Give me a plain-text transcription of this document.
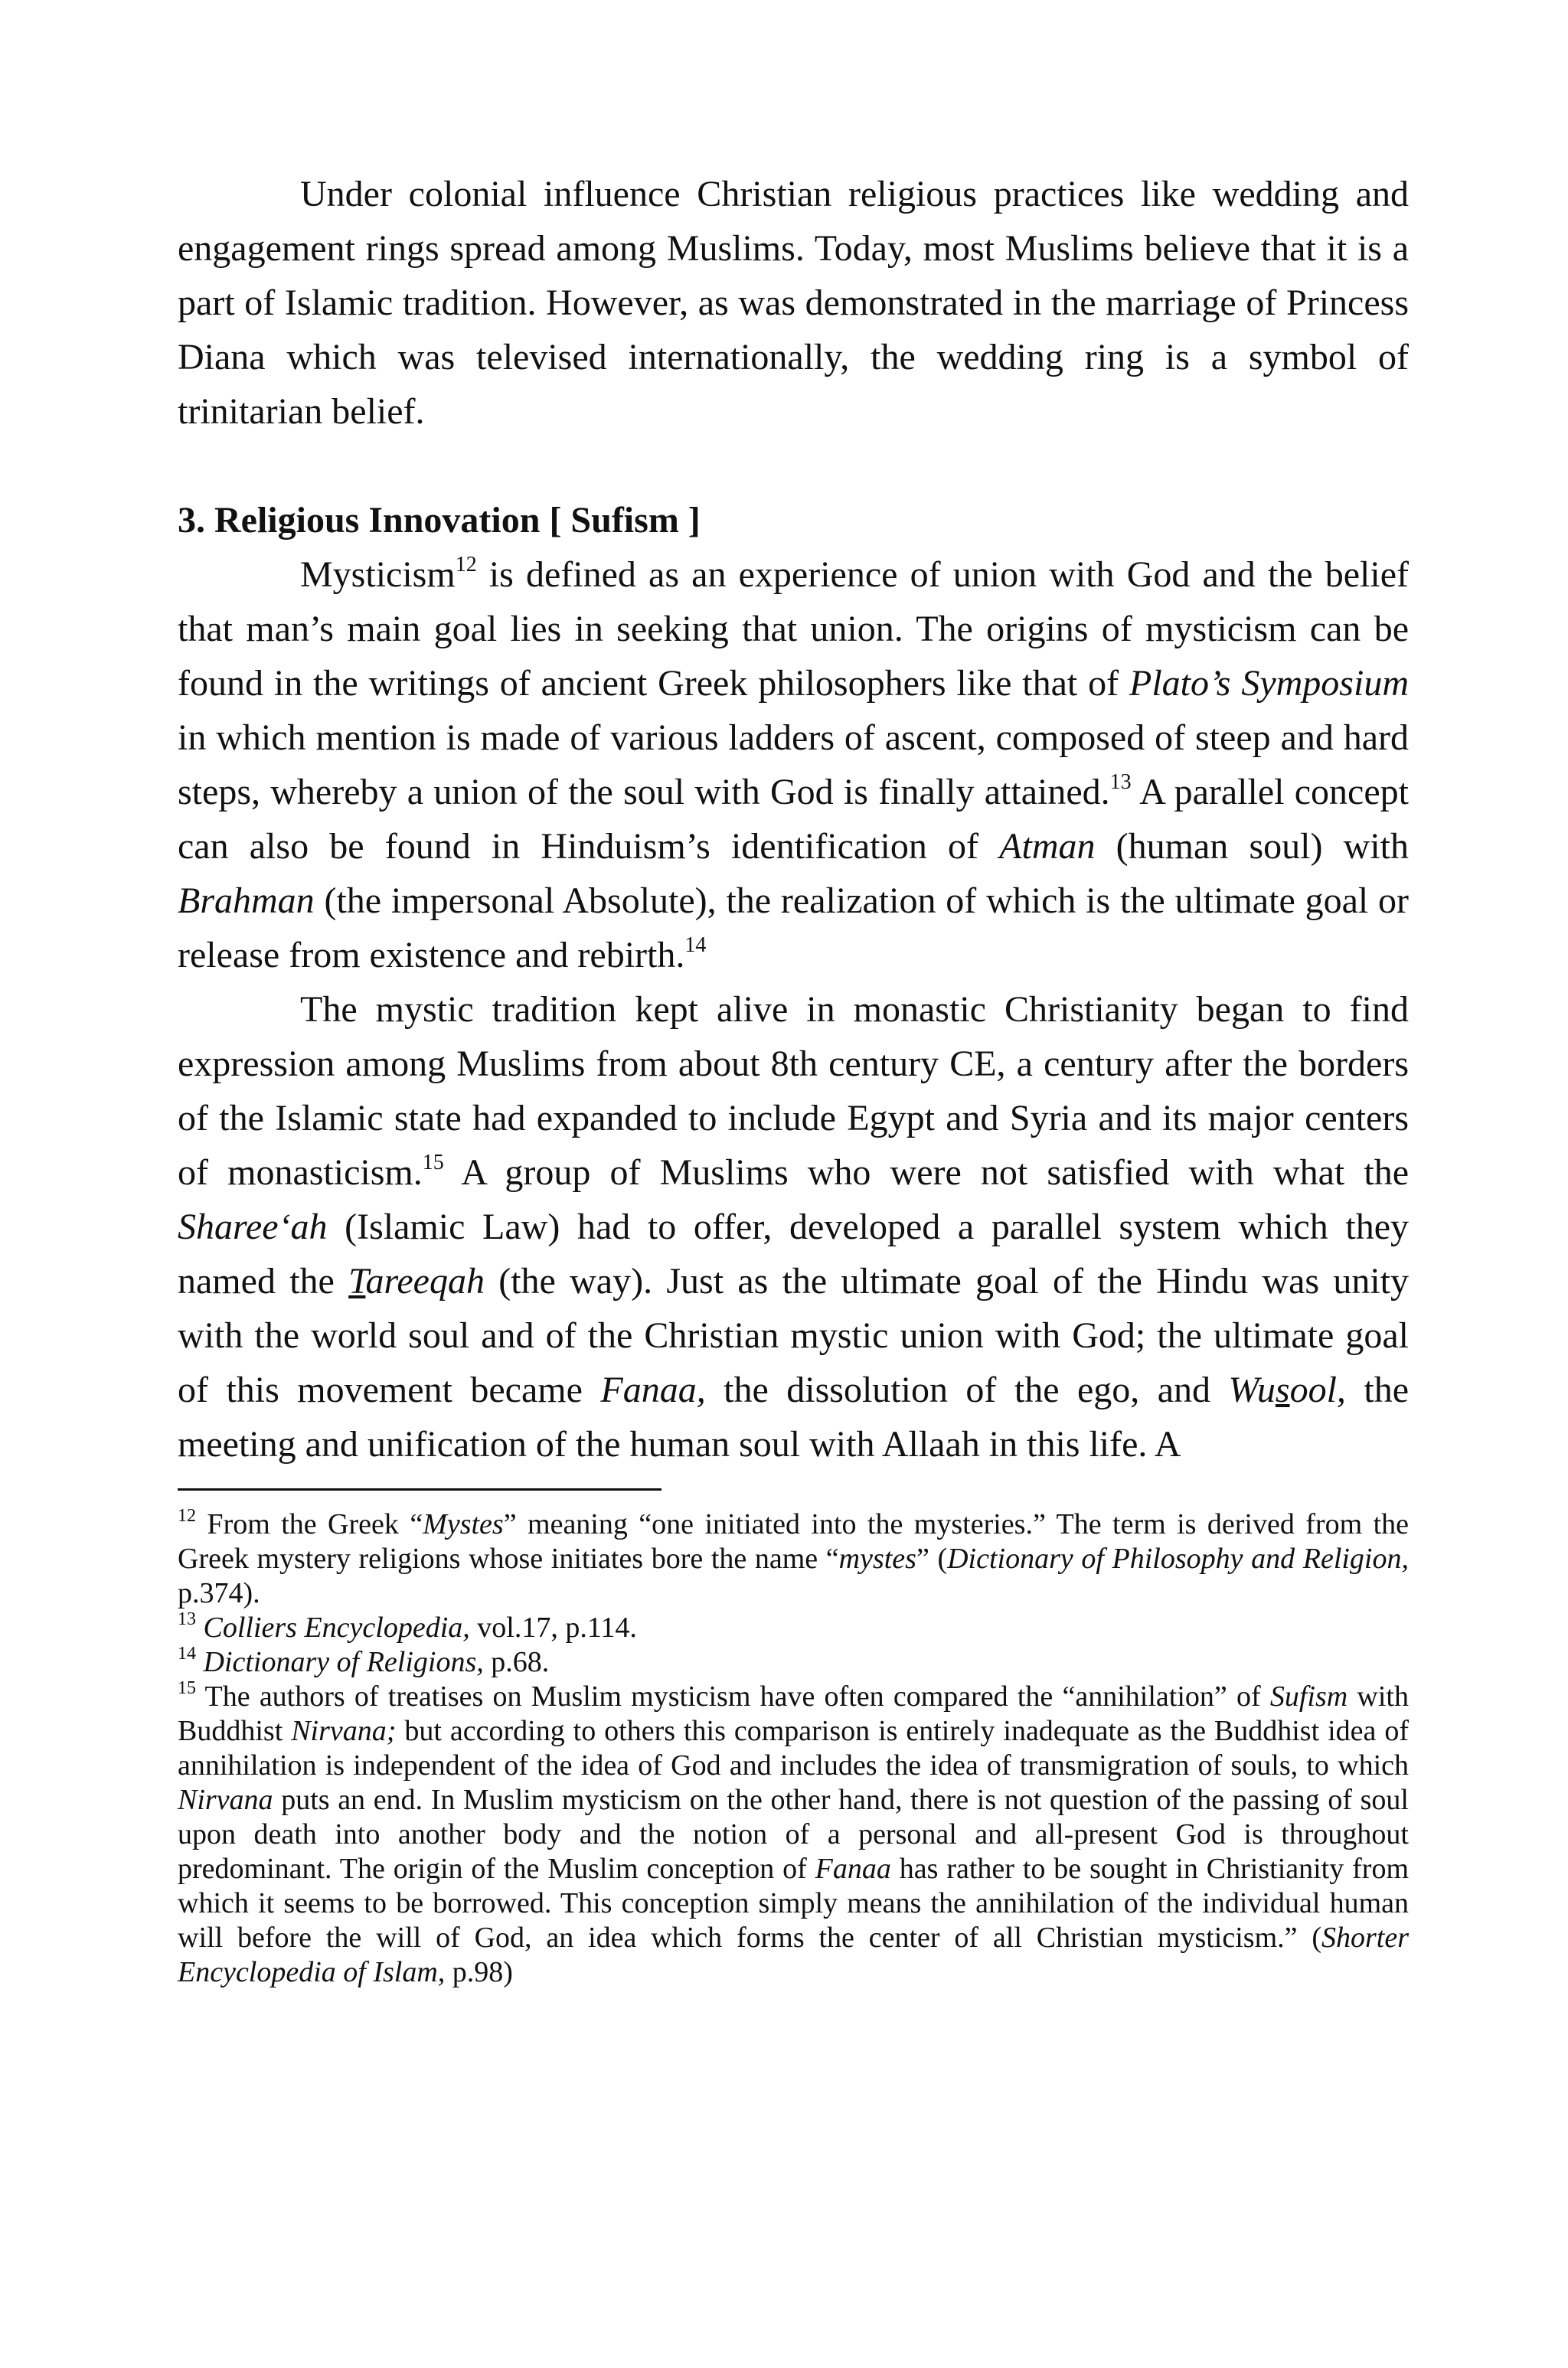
Under colonial influence Christian religious practices like wedding and engagement rings spread among Muslims. Today, most Muslims believe that it is a part of Islamic tradition. However, as was demonstrated in the marriage of Princess Diana which was televised internationally, the wedding ring is a symbol of trinitarian belief.

3. Religious Innovation [ Sufism ]

Mysticism$^{12}$ is defined as an experience of union with God and the belief that man’s main goal lies in seeking that union. The origins of mysticism can be found in the writings of ancient Greek philosophers like that of Plato’s Symposium in which mention is made of various ladders of ascent, composed of steep and hard steps, whereby a union of the soul with God is finally attained.$^{13}$ A parallel concept can also be found in Hinduism’s identification of Atman (human soul) with Brahman (the impersonal Absolute), the realization of which is the ultimate goal or release from existence and rebirth.$^{14}$

The mystic tradition kept alive in monastic Christianity began to find expression among Muslims from about 8th century CE, a century after the borders of the Islamic state had expanded to include Egypt and Syria and its major centers of monasticism.$^{15}$ A group of Muslims who were not satisfied with what the Sharee‘ah (Islamic Law) had to offer, developed a parallel system which they named the Tareeqah (the way). Just as the ultimate goal of the Hindu was unity with the world soul and of the Christian mystic union with God; the ultimate goal of this movement became Fanaa, the dissolution of the ego, and Wusool, the meeting and unification of the human soul with Allaah in this life. A

$^{12}$ From the Greek “Mystes” meaning “one initiated into the mysteries.” The term is derived from the Greek mystery religions whose initiates bore the name “mystes” (Dictionary of Philosophy and Religion, p.374).

$^{13}$ Colliers Encyclopedia, vol.17, p.114.

$^{14}$ Dictionary of Religions, p.68.

$^{15}$ The authors of treatises on Muslim mysticism have often compared the “annihilation” of Sufism with Buddhist Nirvana; but according to others this comparison is entirely inadequate as the Buddhist idea of annihilation is independent of the idea of God and includes the idea of transmigration of souls, to which Nirvana puts an end. In Muslim mysticism on the other hand, there is not question of the passing of soul upon death into another body and the notion of a personal and all-present God is throughout predominant. The origin of the Muslim conception of Fanaa has rather to be sought in Christianity from which it seems to be borrowed. This conception simply means the annihilation of the individual human will before the will of God, an idea which forms the center of all Christian mysticism.” (Shorter Encyclopedia of Islam, p.98)
